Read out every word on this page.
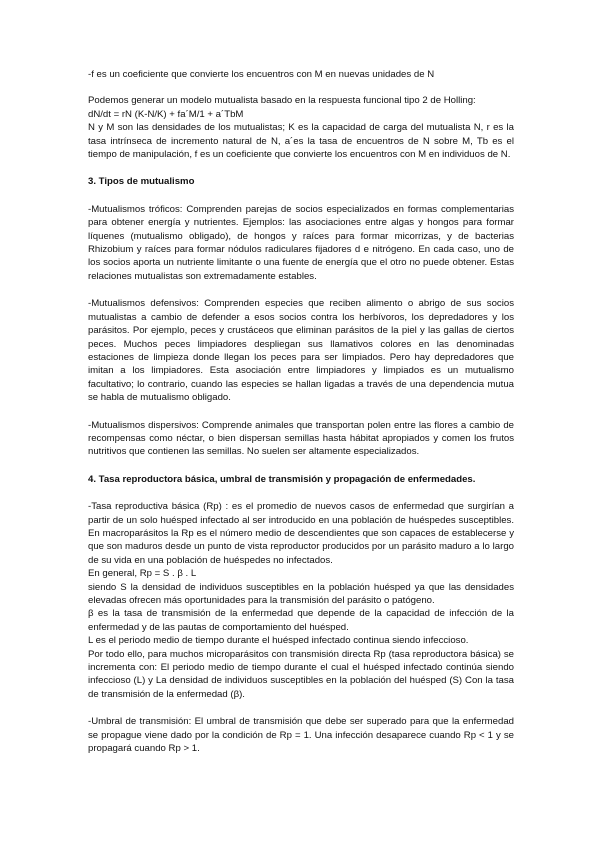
-f es un coeficiente que convierte los encuentros con M en nuevas unidades de N

Podemos generar un modelo mutualista basado en la respuesta funcional tipo 2 de Holling:

dN/dt = rN (K-N/K) + fa´M/1 + a´TbM

N y M son las densidades de los mutualistas; K es la capacidad de carga del mutualista N, r es la tasa intrínseca de incremento natural de N, a´es la tasa de encuentros de N sobre M, Tb es el tiempo de manipulación, f es un coeficiente que convierte los encuentros con M en individuos de N.

3. Tipos de mutualismo

-Mutualismos tróficos: Comprenden parejas de socios especializados en formas complementarias para obtener energía y nutrientes. Ejemplos: las asociaciones entre algas y hongos para formar líquenes (mutualismo obligado), de hongos y raíces para formar micorrizas, y de bacterias Rhizobium y raíces para formar nódulos radiculares fijadores d e nitrógeno. En cada caso, uno de los socios aporta un nutriente limitante o una fuente de energía que el otro no puede obtener. Estas relaciones mutualistas son extremadamente estables.

-Mutualismos defensivos: Comprenden especies que reciben alimento o abrigo de sus socios mutualistas a cambio de defender a esos socios contra los herbívoros, los depredadores y los parásitos. Por ejemplo, peces y crustáceos que eliminan parásitos de la piel y las gallas de ciertos peces. Muchos peces limpiadores despliegan sus llamativos colores en las denominadas estaciones de limpieza donde llegan los peces para ser limpiados. Pero hay depredadores que imitan a los limpiadores. Esta asociación entre limpiadores y limpiados es un mutualismo facultativo; lo contrario, cuando las especies se hallan ligadas a través de una dependencia mutua se habla de mutualismo obligado.

-Mutualismos dispersivos: Comprende animales que transportan polen entre las flores a cambio de recompensas como néctar, o bien dispersan semillas hasta hábitat apropiados y comen los frutos nutritivos que contienen las semillas. No suelen ser altamente especializados.

4. Tasa reproductora básica, umbral de transmisión y propagación de enfermedades.

-Tasa reproductiva básica (Rp) : es el promedio de nuevos casos de enfermedad que surgirían a partir de un solo huésped infectado al ser introducido en una población de huéspedes susceptibles. En macroparásitos la Rp es el número medio de descendientes que son capaces de establecerse y que son maduros desde un punto de vista reproductor producidos por un parásito maduro a lo largo de su vida en una población de huéspedes no infectados.

En general, Rp = S . β . L

siendo S la densidad de individuos susceptibles en la población huésped ya que las densidades elevadas ofrecen más oportunidades para la transmisión del parásito o patógeno.

β es la tasa de transmisión de la enfermedad que depende de la capacidad de infección de la enfermedad y de las pautas de comportamiento del huésped.

L es el periodo medio de tiempo durante el huésped infectado continua siendo infeccioso.

Por todo ello, para muchos microparásitos con transmisión directa Rp (tasa reproductora básica) se incrementa con: El periodo medio de tiempo durante el cual el huésped infectado continúa siendo infeccioso (L) y La densidad de individuos susceptibles en la población del huésped (S) Con la tasa de transmisión de la enfermedad (β).

-Umbral de transmisión: El umbral de transmisión que debe ser superado para que la enfermedad se propague viene dado por la condición de Rp = 1. Una infección desaparece cuando Rp < 1 y se propagará cuando Rp > 1.
